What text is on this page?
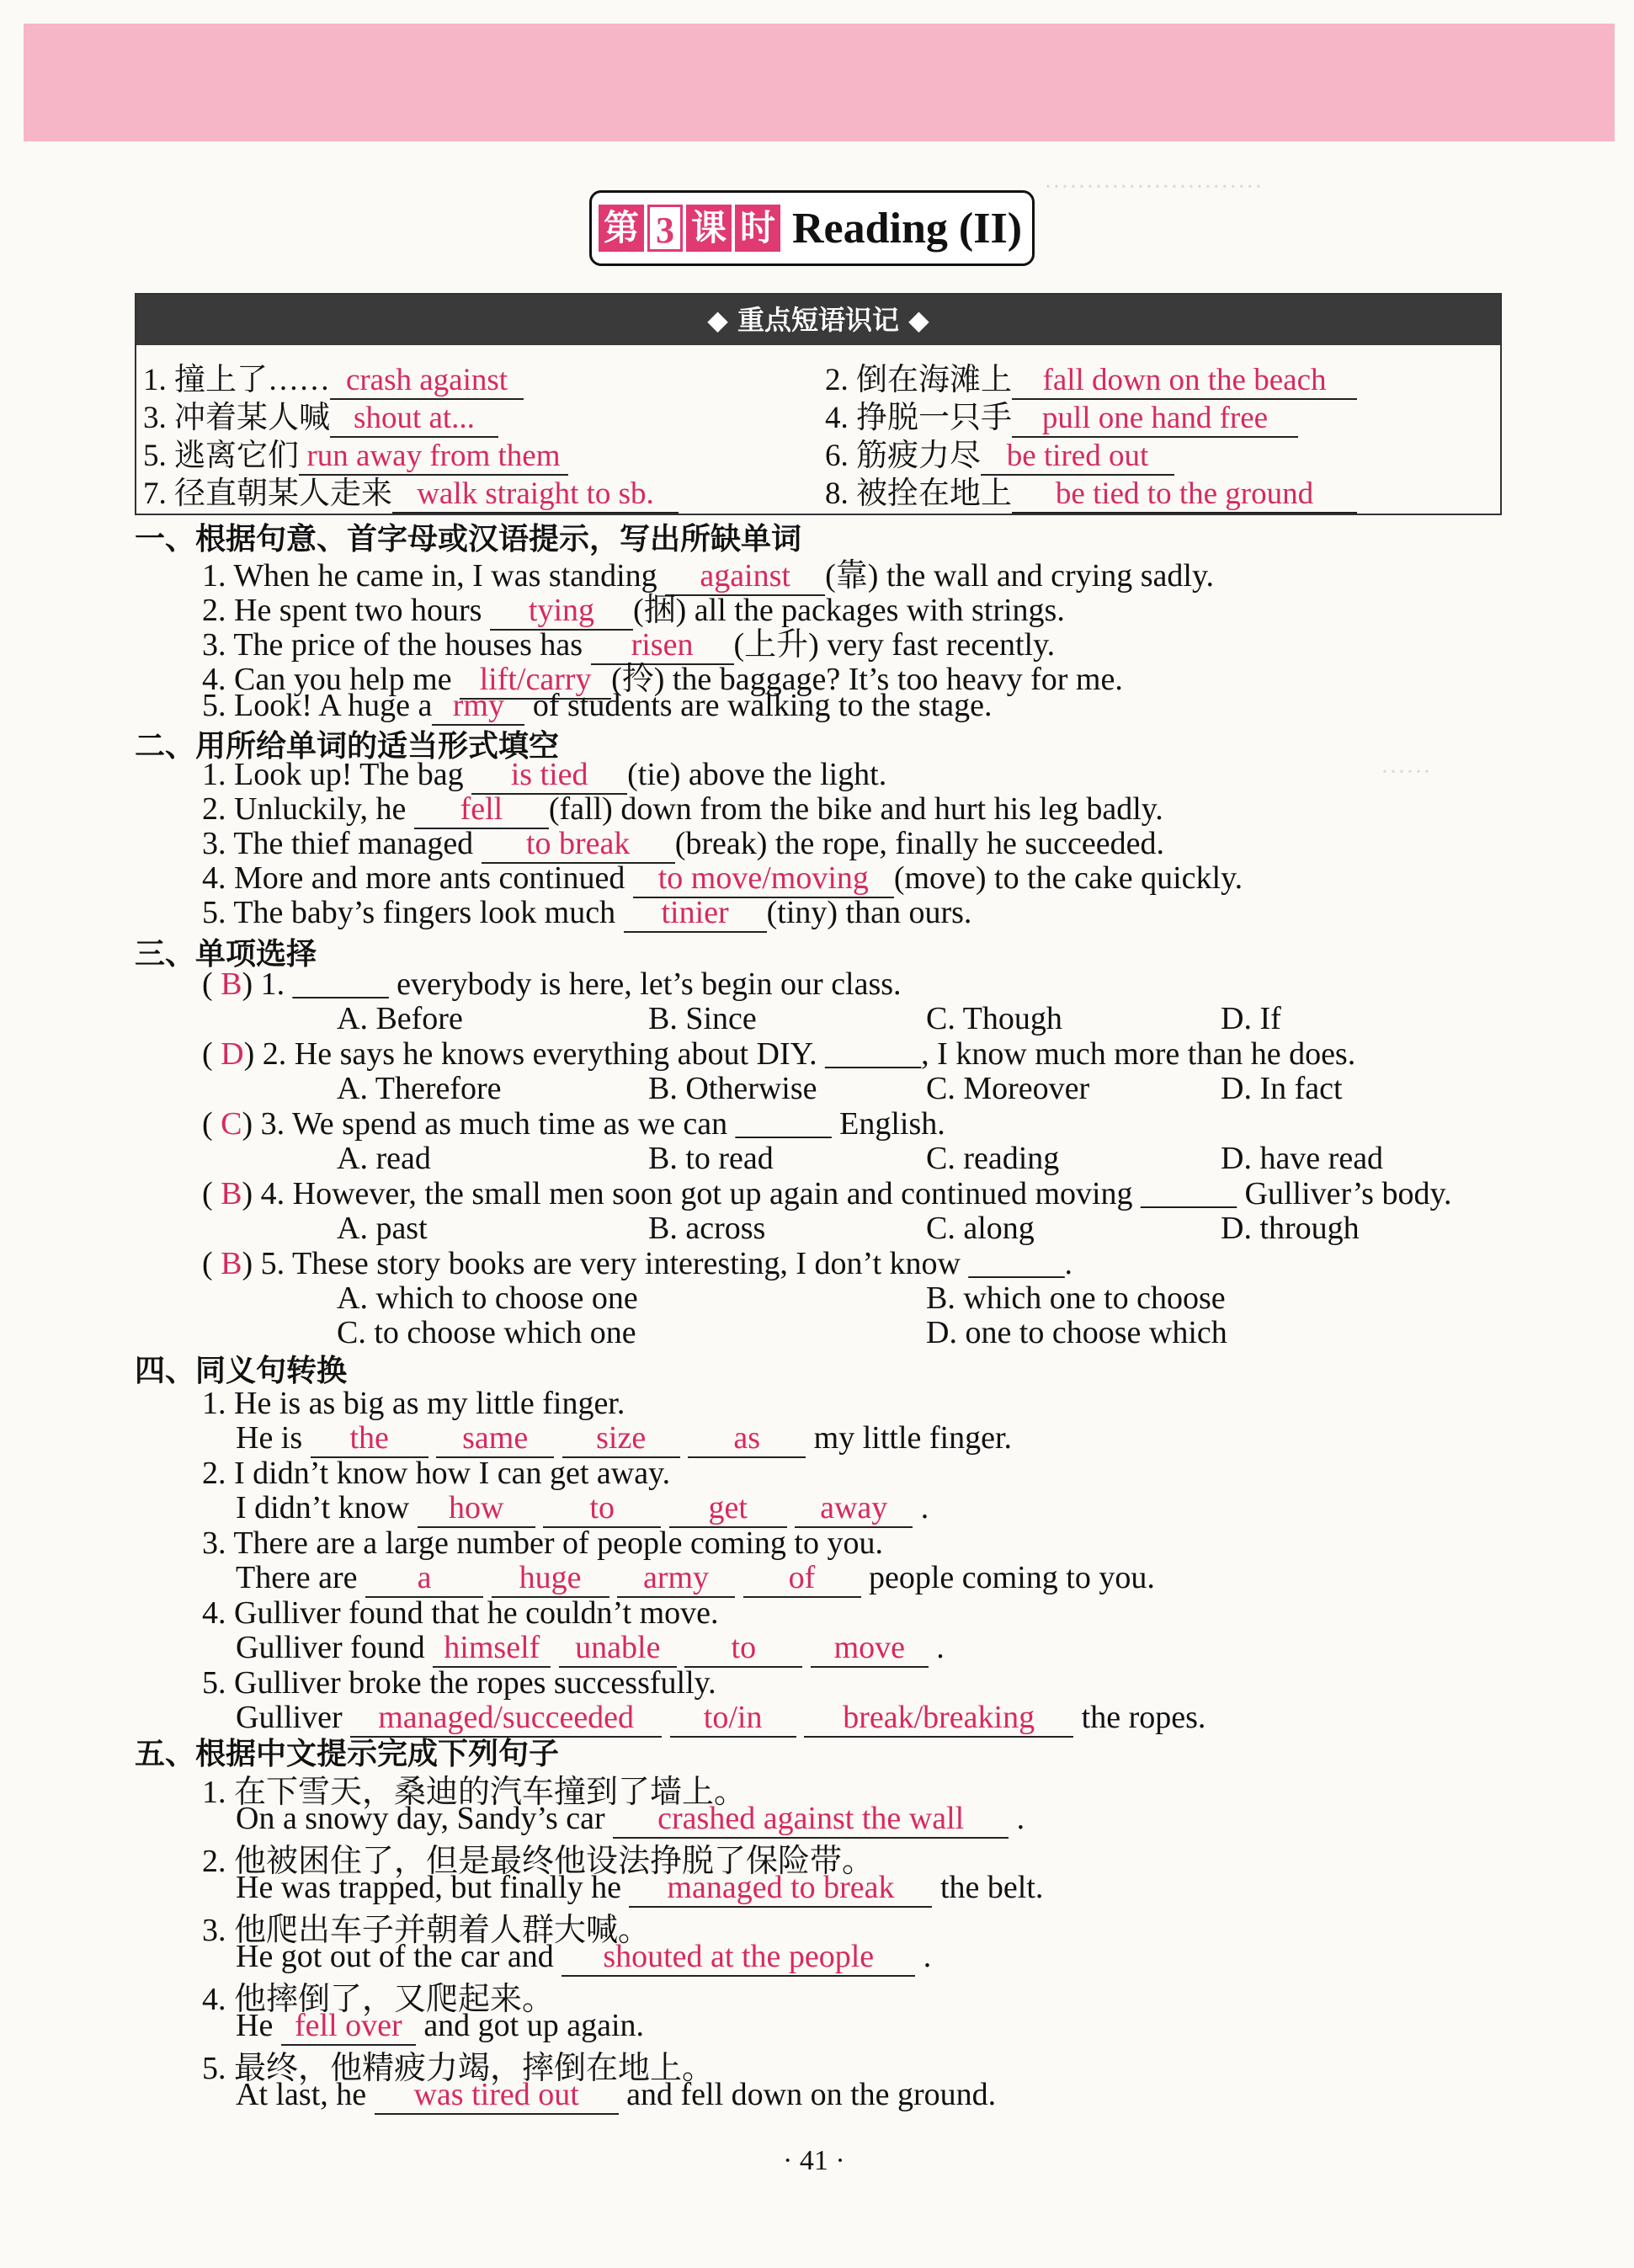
··························
······
第 3 课 时 Reading (II)
◆ 重点短语识记 ◆
1. 撞上了…… crash against	2. 倒在海滩上 fall down on the beach
3. 冲着某人喊 shout at...	4. 挣脱一只手 pull one hand free
5. 逃离它们 run away from them	6. 筋疲力尽 be tired out
7. 径直朝某人走来 walk straight to sb.	8. 被拴在地上 be tied to the ground
一、根据句意、首字母或汉语提示，写出所缺单词
1. When he came in, I was standing against (靠) the wall and crying sadly.
2. He spent two hours tying (捆) all the packages with strings.
3. The price of the houses has risen (上升) very fast recently.
4. Can you help me lift/carry (拎) the baggage? It’s too heavy for me.
5. Look! A huge a rmy of students are walking to the stage.
二、用所给单词的适当形式填空
1. Look up! The bag is tied (tie) above the light.
2. Unluckily, he fell (fall) down from the bike and hurt his leg badly.
3. The thief managed to break (break) the rope, finally he succeeded.
4. More and more ants continued to move/moving (move) to the cake quickly.
5. The baby’s fingers look much tinier (tiny) than ours.
三、单项选择
( B) 1. ______ everybody is here, let’s begin our class.
A. Before	B. Since	C. Though	D. If
( D) 2. He says he knows everything about DIY. ______, I know much more than he does.
A. Therefore	B. Otherwise	C. Moreover	D. In fact
( C) 3. We spend as much time as we can ______ English.
A. read	B. to read	C. reading	D. have read
( B) 4. However, the small men soon got up again and continued moving ______ Gulliver’s body.
A. past	B. across	C. along	D. through
( B) 5. These story books are very interesting, I don’t know ______.
A. which to choose one	B. which one to choose
C. to choose which one	D. one to choose which
四、同义句转换
1. He is as big as my little finger.
He is the same size	as my little finger.
2. I didn’t know how I can get away.
I didn’t know how	to	get away .
3. There are a large number of people coming to you.
There are a	huge army of people coming to you.
4. Gulliver found that he couldn’t move.
Gulliver found himself unable to move .
5. Gulliver broke the ropes successfully.
Gulliver managed/succeeded to/in	break/breaking the ropes.
五、根据中文提示完成下列句子
1. 在下雪天，桑迪的汽车撞到了墙上。
On a snowy day, Sandy’s car crashed against the wall .
2. 他被困住了，但是最终他设法挣脱了保险带。
He was trapped, but finally he managed to break the belt.
3. 他爬出车子并朝着人群大喊。
He got out of the car and shouted at the people .
4. 他摔倒了，又爬起来。
He fell over and got up again.
5. 最终，他精疲力竭，摔倒在地上。
At last, he was tired out and fell down on the ground.
· 41 ·
